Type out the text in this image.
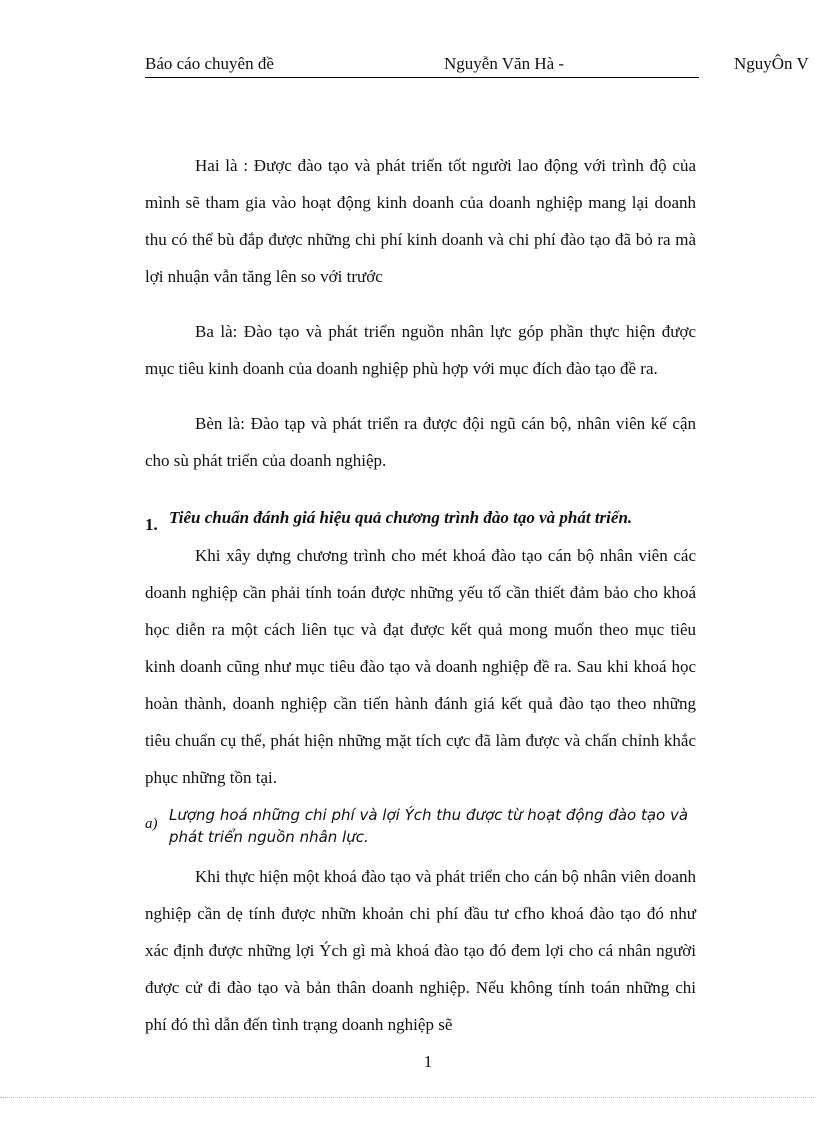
Báo cáo chuyên đề	Nguyễn Văn Hà -	NguyÔn V

Hai là : Được đào tạo và phát triển tốt người lao động với trình độ của mình sẽ tham gia vào hoạt động kinh doanh của doanh nghiệp mang lại doanh thu có thể bù đắp được những chi phí kinh doanh và chi phí đào tạo đã bỏ ra mà lợi nhuận vẫn tăng lên so với trước

Ba là: Đào tạo và phát triển nguồn nhân lực góp phần thực hiện được mục tiêu kinh doanh của doanh nghiệp phù hợp với mục đích đào tạo đề ra.

Bèn là: Đào tạp và phát triển ra được đội ngũ cán bộ, nhân viên kế cận cho sù phát triển của doanh nghiệp.

1. Tiêu chuẩn đánh giá hiệu quả chương trình đào tạo và phát triển.

Khi xây dựng chương trình cho mét khoá đào tạo cán bộ nhân viên các doanh nghiệp cần phải tính toán được những yếu tố cần thiết đảm bảo cho khoá học diễn ra một cách liên tục và đạt được kết quả mong muốn theo mục tiêu kinh doanh cũng như mục tiêu đào tạo và doanh nghiệp đề ra. Sau khi khoá học hoàn thành, doanh nghiệp cần tiến hành đánh giá kết quả đào tạo theo những tiêu chuẩn cụ thể, phát hiện những mặt tích cực đã làm được và chấn chỉnh khắc phục những tồn tại.

a) Lượng hoá những chi phí và lợi Ých thu được từ hoạt động đào tạo và phát triển nguồn nhân lực.

Khi thực hiện một khoá đào tạo và phát triển cho cán bộ nhân viên doanh nghiệp cần dẹ tính được nhữn khoản chi phí đầu tư cfho khoá đào tạo đó như xác định được những lợi Ých gì mà khoá đào tạo đó đem lợi cho cá nhân người được cử đi đào tạo và bản thân doanh nghiệp. Nếu không tính toán những chi phí đó thì dẫn đến tình trạng doanh nghiệp sẽ

1
